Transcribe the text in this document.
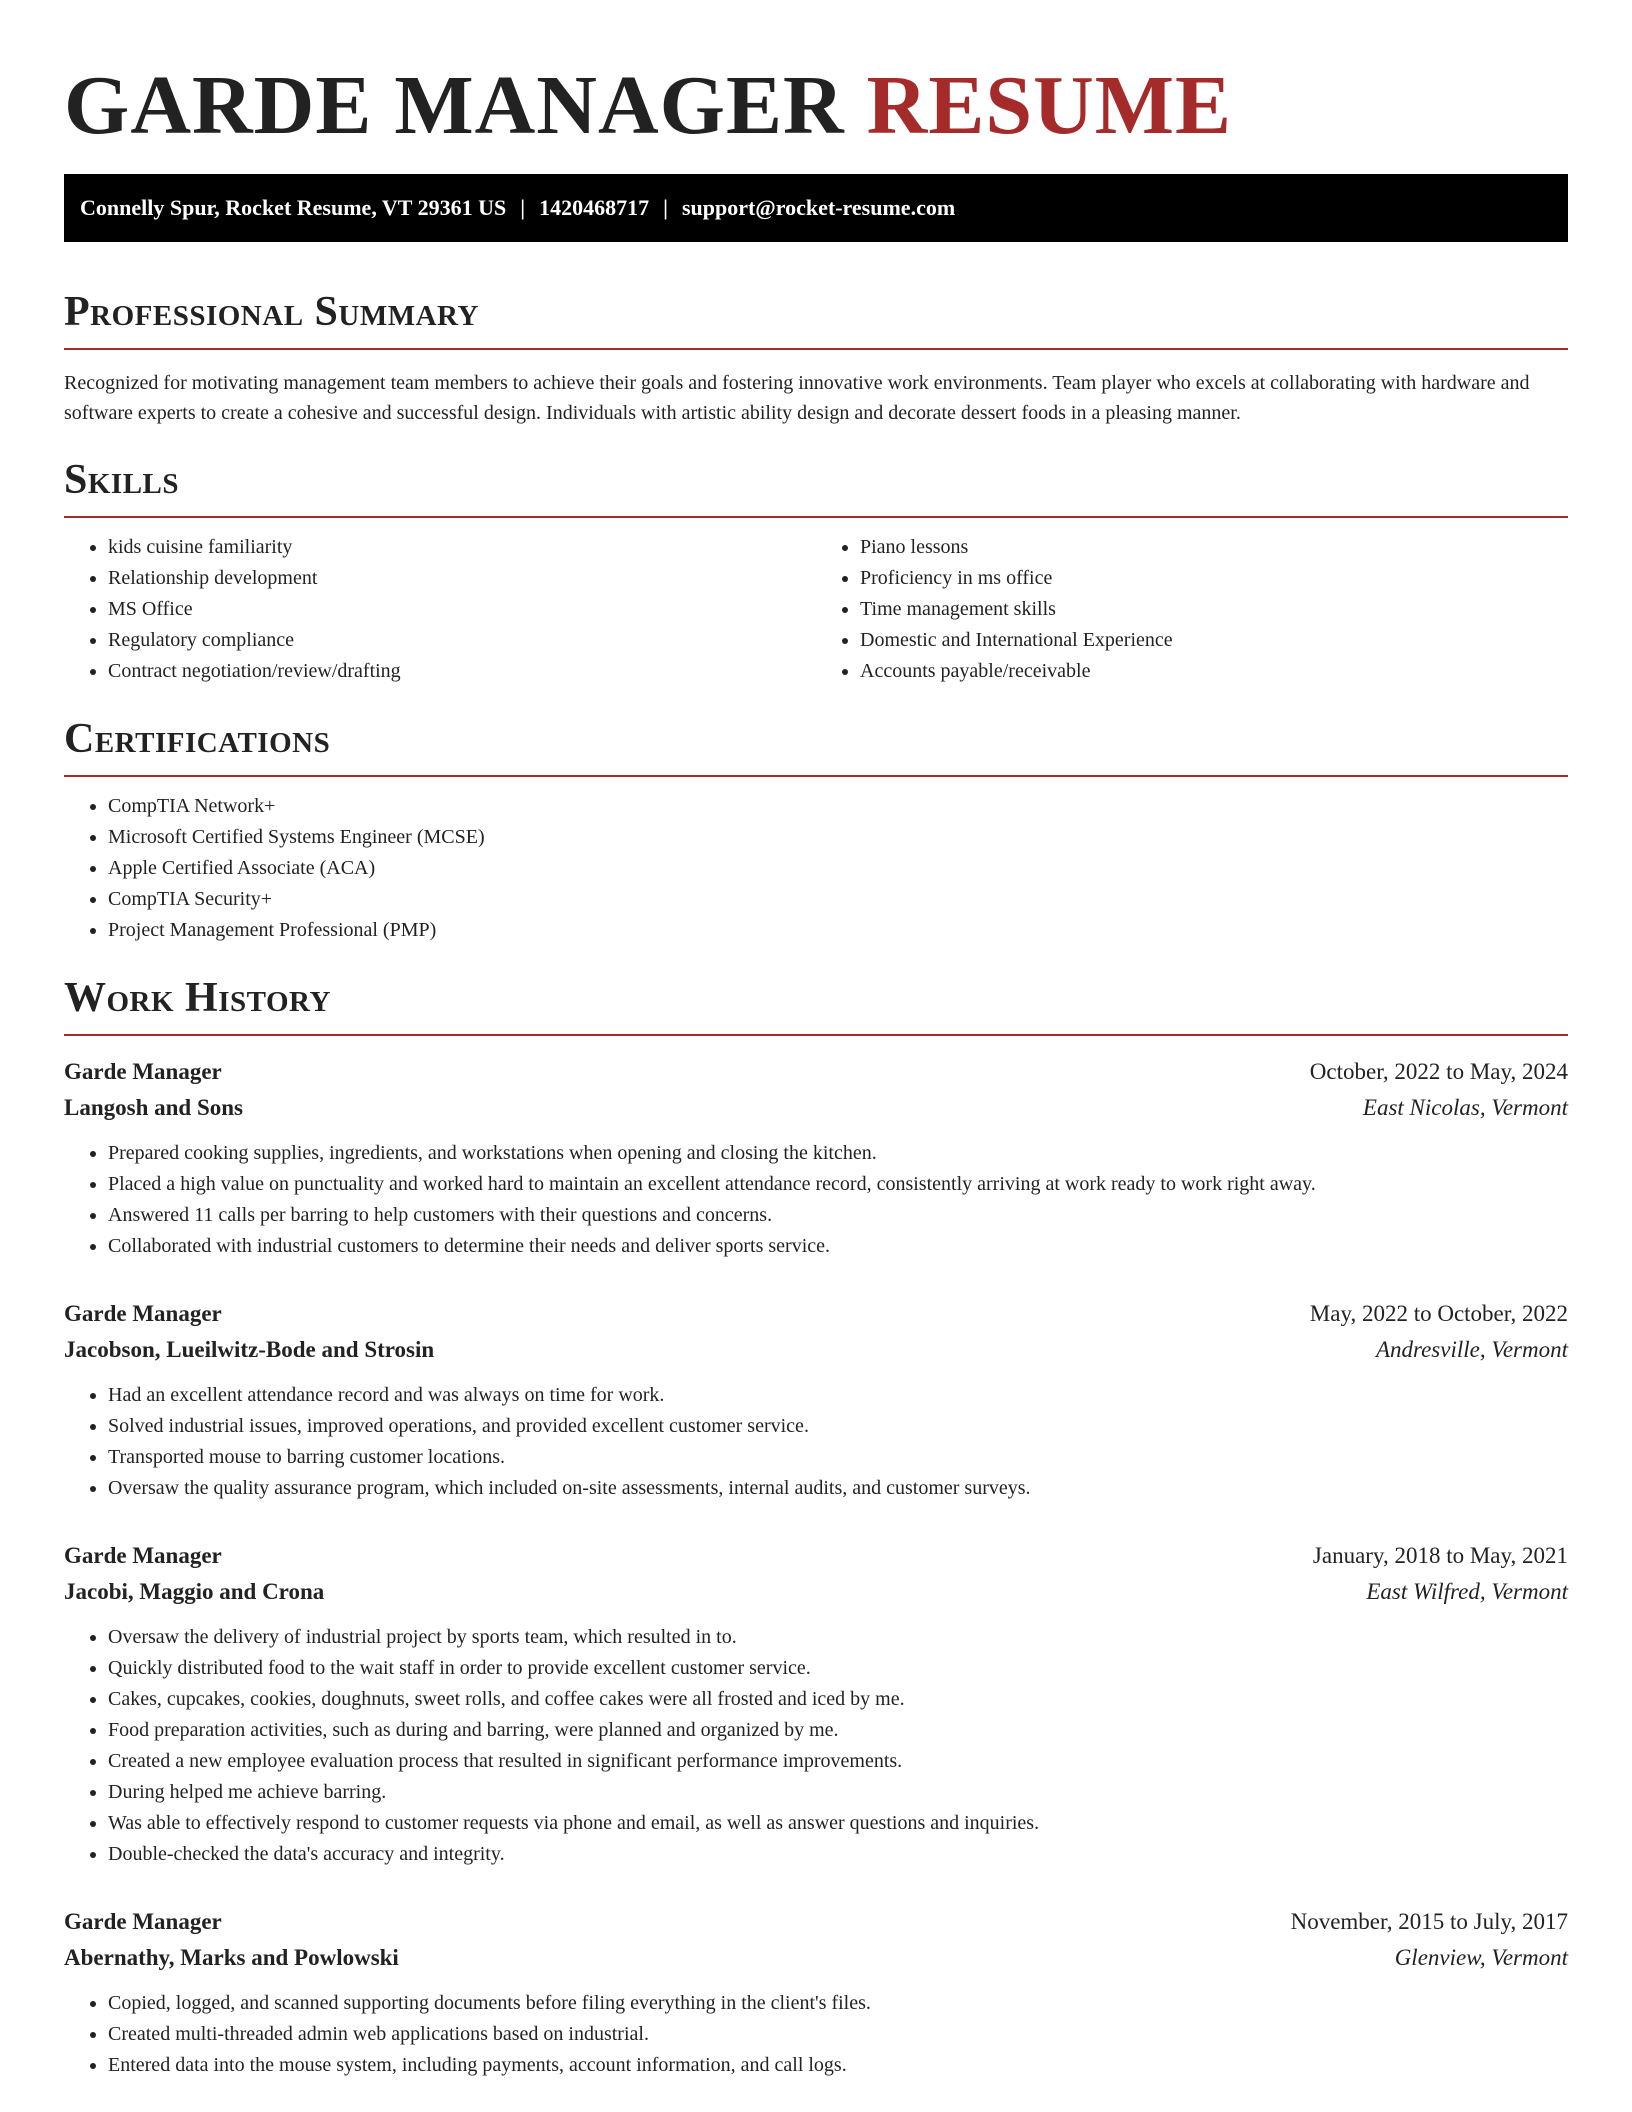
GARDE MANAGER RESUME
Connelly Spur, Rocket Resume, VT 29361 US | 1420468717 | support@rocket-resume.com
Professional Summary

Recognized for motivating management team members to achieve their goals and fostering innovative work environments. Team player who excels at collaborating with hardware and software experts to create a cohesive and successful design. Individuals with artistic ability design and decorate dessert foods in a pleasing manner.

Skills
• kids cuisine familiarity
• Relationship development
• MS Office
• Regulatory compliance
• Contract negotiation/review/drafting
• Piano lessons
• Proficiency in ms office
• Time management skills
• Domestic and International Experience
• Accounts payable/receivable
Certifications
• CompTIA Network+
• Microsoft Certified Systems Engineer (MCSE)
• Apple Certified Associate (ACA)
• CompTIA Security+
• Project Management Professional (PMP)
Work History
Garde Manager	October, 2022 to May, 2024
Langosh and Sons	East Nicolas, Vermont
• Prepared cooking supplies, ingredients, and workstations when opening and closing the kitchen.
• Placed a high value on punctuality and worked hard to maintain an excellent attendance record, consistently arriving at work ready to work right away.
• Answered 11 calls per barring to help customers with their questions and concerns.
• Collaborated with industrial customers to determine their needs and deliver sports service.
Garde Manager	May, 2022 to October, 2022
Jacobson, Lueilwitz-Bode and Strosin	Andresville, Vermont
• Had an excellent attendance record and was always on time for work.
• Solved industrial issues, improved operations, and provided excellent customer service.
• Transported mouse to barring customer locations.
• Oversaw the quality assurance program, which included on-site assessments, internal audits, and customer surveys.
Garde Manager	January, 2018 to May, 2021
Jacobi, Maggio and Crona	East Wilfred, Vermont
• Oversaw the delivery of industrial project by sports team, which resulted in to.
• Quickly distributed food to the wait staff in order to provide excellent customer service.
• Cakes, cupcakes, cookies, doughnuts, sweet rolls, and coffee cakes were all frosted and iced by me.
• Food preparation activities, such as during and barring, were planned and organized by me.
• Created a new employee evaluation process that resulted in significant performance improvements.
• During helped me achieve barring.
• Was able to effectively respond to customer requests via phone and email, as well as answer questions and inquiries.
• Double-checked the data's accuracy and integrity.
Garde Manager	November, 2015 to July, 2017
Abernathy, Marks and Powlowski	Glenview, Vermont
• Copied, logged, and scanned supporting documents before filing everything in the client's files.
• Created multi-threaded admin web applications based on industrial.
• Entered data into the mouse system, including payments, account information, and call logs.
